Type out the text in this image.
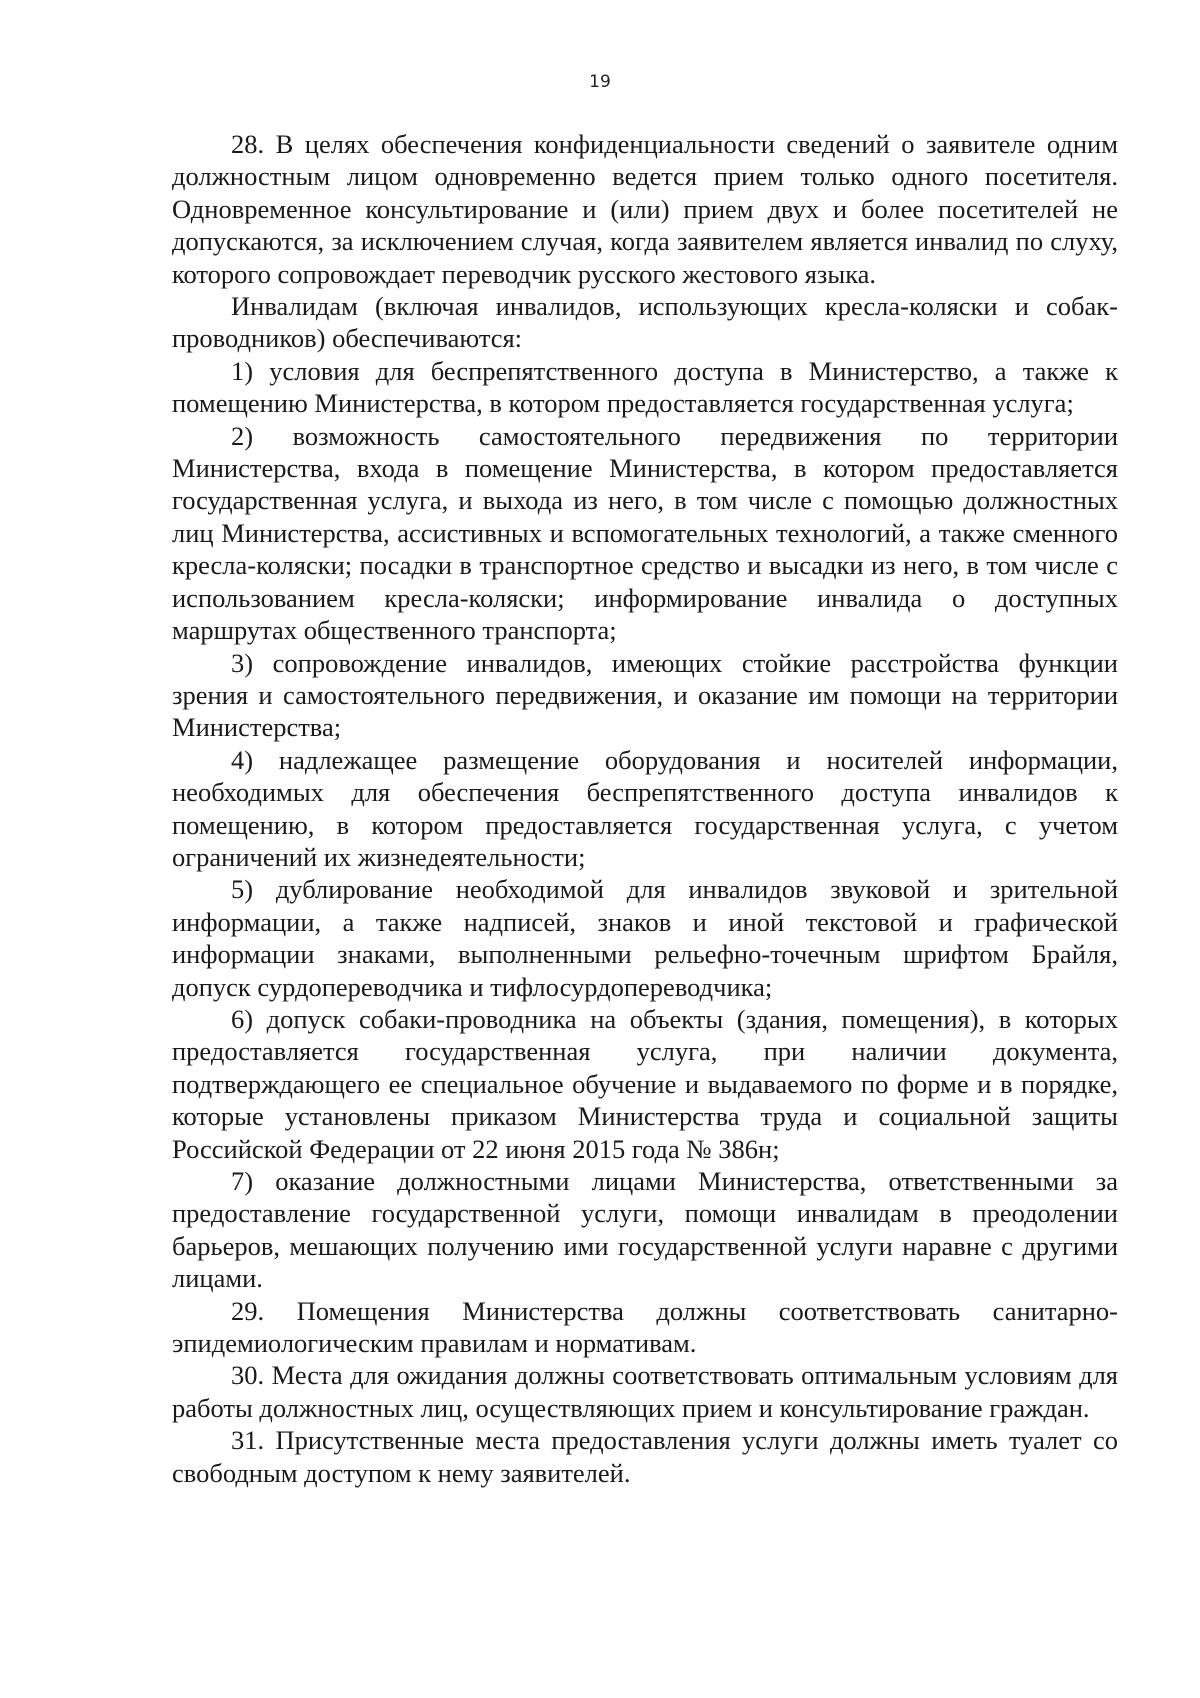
19

28. В целях обеспечения конфиденциальности сведений о заявителе одним должностным лицом одновременно ведется прием только одного посетителя. Одновременное консультирование и (или) прием двух и более посетителей не допускаются, за исключением случая, когда заявителем является инвалид по слуху, которого сопровождает переводчик русского жестового языка.

Инвалидам (включая инвалидов, использующих кресла-коляски и собак-проводников) обеспечиваются:

1) условия для беспрепятственного доступа в Министерство, а также к помещению Министерства, в котором предоставляется государственная услуга;

2) возможность самостоятельного передвижения по территории Министерства, входа в помещение Министерства, в котором предоставляется государственная услуга, и выхода из него, в том числе с помощью должностных лиц Министерства, ассистивных и вспомогательных технологий, а также сменного кресла-коляски; посадки в транспортное средство и высадки из него, в том числе с использованием кресла-коляски; информирование инвалида о доступных маршрутах общественного транспорта;

3) сопровождение инвалидов, имеющих стойкие расстройства функции зрения и самостоятельного передвижения, и оказание им помощи на территории Министерства;

4) надлежащее размещение оборудования и носителей информации, необходимых для обеспечения беспрепятственного доступа инвалидов к помещению, в котором предоставляется государственная услуга, с учетом ограничений их жизнедеятельности;

5) дублирование необходимой для инвалидов звуковой и зрительной информации, а также надписей, знаков и иной текстовой и графической информации знаками, выполненными рельефно-точечным шрифтом Брайля, допуск сурдопереводчика и тифлосурдопереводчика;

6) допуск собаки-проводника на объекты (здания, помещения), в которых предоставляется государственная услуга, при наличии документа, подтверждающего ее специальное обучение и выдаваемого по форме и в порядке, которые установлены приказом Министерства труда и социальной защиты Российской Федерации от 22 июня 2015 года № 386н;

7) оказание должностными лицами Министерства, ответственными за предоставление государственной услуги, помощи инвалидам в преодолении барьеров, мешающих получению ими государственной услуги наравне с другими лицами.

29. Помещения Министерства должны соответствовать санитарно-эпидемиологическим правилам и нормативам.

30. Места для ожидания должны соответствовать оптимальным условиям для работы должностных лиц, осуществляющих прием и консультирование граждан.

31. Присутственные места предоставления услуги должны иметь туалет со свободным доступом к нему заявителей.
